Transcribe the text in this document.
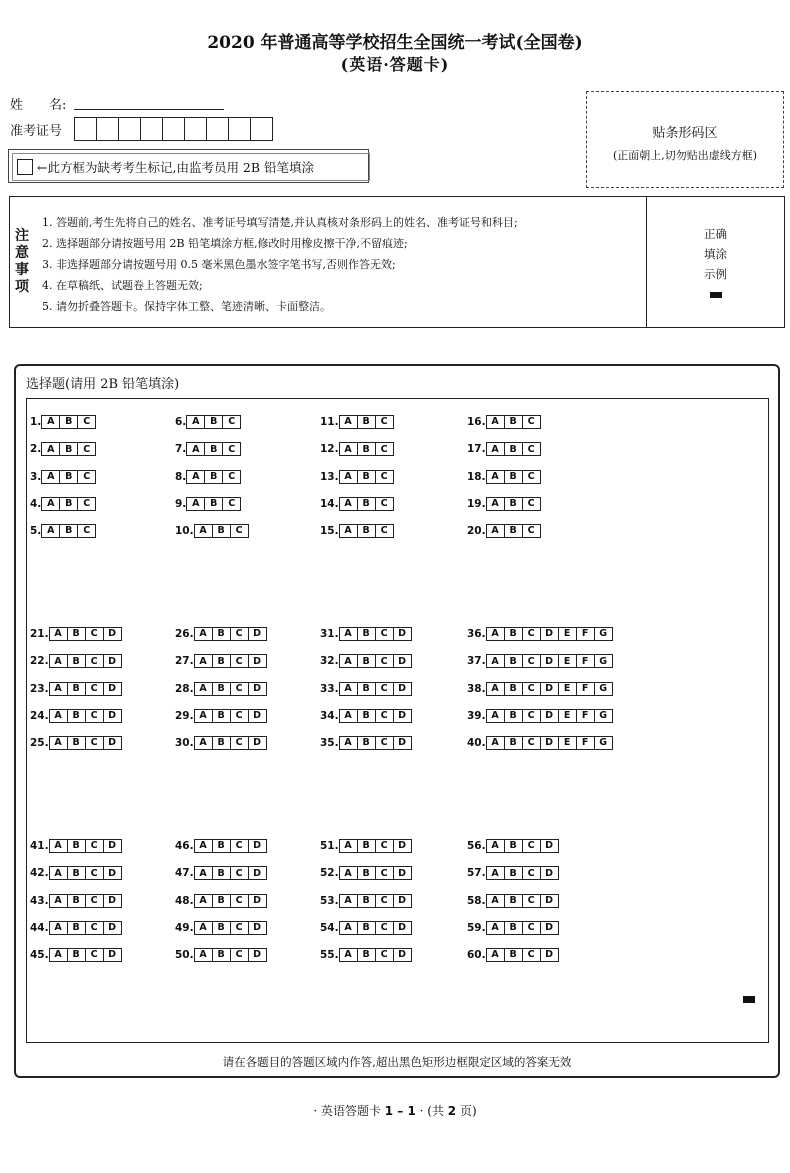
2020 年普通高等学校招生全国统一考试(全国卷)
(英语·答题卡)
姓　　名:
准考证号
←此方框为缺考考生标记,由监考员用 2B 铅笔填涂
贴条形码区
(正面朝上,切勿贴出虚线方框)
注
意
事
项
1. 答题前,考生先将自己的姓名、准考证号填写清楚,并认真核对条形码上的姓名、准考证号和科目;
2. 选择题部分请按题号用 2B 铅笔填涂方框,修改时用橡皮擦干净,不留痕迹;
3. 非选择题部分请按题号用 0.5 毫米黑色墨水签字笔书写,否则作答无效;
4. 在草稿纸、试题卷上答题无效;
5. 请勿折叠答题卡。保持字体工整、笔迹清晰、卡面整洁。
正确
填涂
示例
选择题(请用 2B 铅笔填涂)
1. A	B	C
2. A	B	C
3. A	B	C
4. A	B	C
5. A	B	C
6. A	B	C
7. A	B	C
8. A	B	C
9. A	B	C
10. A	B	C
11. A	B	C
12. A	B	C
13. A	B	C
14. A	B	C
15. A	B	C
16. A	B	C
17. A	B	C
18. A	B	C
19. A	B	C
20. A	B	C
21. A	B	C	D
22. A	B	C	D
23. A	B	C	D
24. A	B	C	D
25. A	B	C	D
26. A	B	C	D
27. A	B	C	D
28. A	B	C	D
29. A	B	C	D
30. A	B	C	D
31. A	B	C	D
32. A	B	C	D
33. A	B	C	D
34. A	B	C	D
35. A	B	C	D
36. A	B	C	D	E	F	G
37. A	B	C	D	E	F	G
38. A	B	C	D	E	F	G
39. A	B	C	D	E	F	G
40. A	B	C	D	E	F	G
41. A	B	C	D
42. A	B	C	D
43. A	B	C	D
44. A	B	C	D
45. A	B	C	D
46. A	B	C	D
47. A	B	C	D
48. A	B	C	D
49. A	B	C	D
50. A	B	C	D
51. A	B	C	D
52. A	B	C	D
53. A	B	C	D
54. A	B	C	D
55. A	B	C	D
56. A	B	C	D
57. A	B	C	D
58. A	B	C	D
59. A	B	C	D
60. A	B	C	D
请在各题目的答题区域内作答,超出黑色矩形边框限定区域的答案无效
· 英语答题卡 1 – 1 · (共 2 页)
